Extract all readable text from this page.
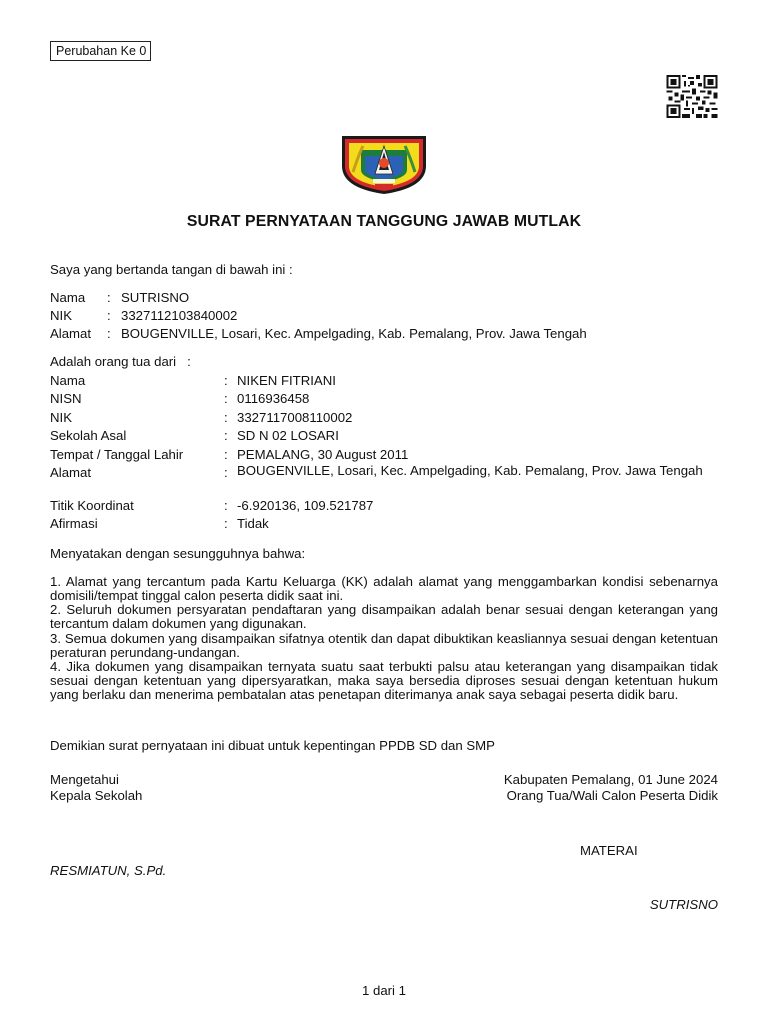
Perubahan Ke 0
SURAT PERNYATAAN TANGGUNG JAWAB MUTLAK
Saya yang bertanda tangan di bawah ini :
Nama : SUTRISNO
NIK	: 3327112103840002
Alamat : BOUGENVILLE, Losari, Kec. Ampelgading, Kab. Pemalang, Prov. Jawa Tengah
Adalah orang tua dari   :
Nama	: NIKEN FITRIANI
NISN	: 0116936458
NIK	: 3327117008110002
Sekolah Asal	: SD N 02 LOSARI
Tempat / Tanggal Lahir	: PEMALANG, 30 August 2011
Alamat	: BOUGENVILLE, Losari, Kec. Ampelgading, Kab. Pemalang, Prov. Jawa Tengah
Titik Koordinat	: -6.920136, 109.521787
Afirmasi	: Tidak
Menyatakan dengan sesungguhnya bahwa:
1. Alamat yang tercantum pada Kartu Keluarga (KK) adalah alamat yang menggambarkan kondisi sebenarnya domisili/tempat tinggal calon peserta didik saat ini.
2. Seluruh dokumen persyaratan pendaftaran yang disampaikan adalah benar sesuai dengan keterangan yang tercantum dalam dokumen yang digunakan.
3. Semua dokumen yang disampaikan sifatnya otentik dan dapat dibuktikan keasliannya sesuai dengan ketentuan peraturan perundang-undangan.
4. Jika dokumen yang disampaikan ternyata suatu saat terbukti palsu atau keterangan yang disampaikan tidak sesuai dengan ketentuan yang dipersyaratkan, maka saya bersedia diproses sesuai dengan ketentuan hukum yang berlaku dan menerima pembatalan atas penetapan diterimanya anak saya sebagai peserta didik baru.
Demikian surat pernyataan ini dibuat untuk kepentingan PPDB SD dan SMP
Mengetahui
Kepala Sekolah
Kabupaten Pemalang, 01 June 2024
Orang Tua/Wali Calon Peserta Didik
MATERAI
RESMIATUN, S.Pd.
SUTRISNO
1 dari 1
